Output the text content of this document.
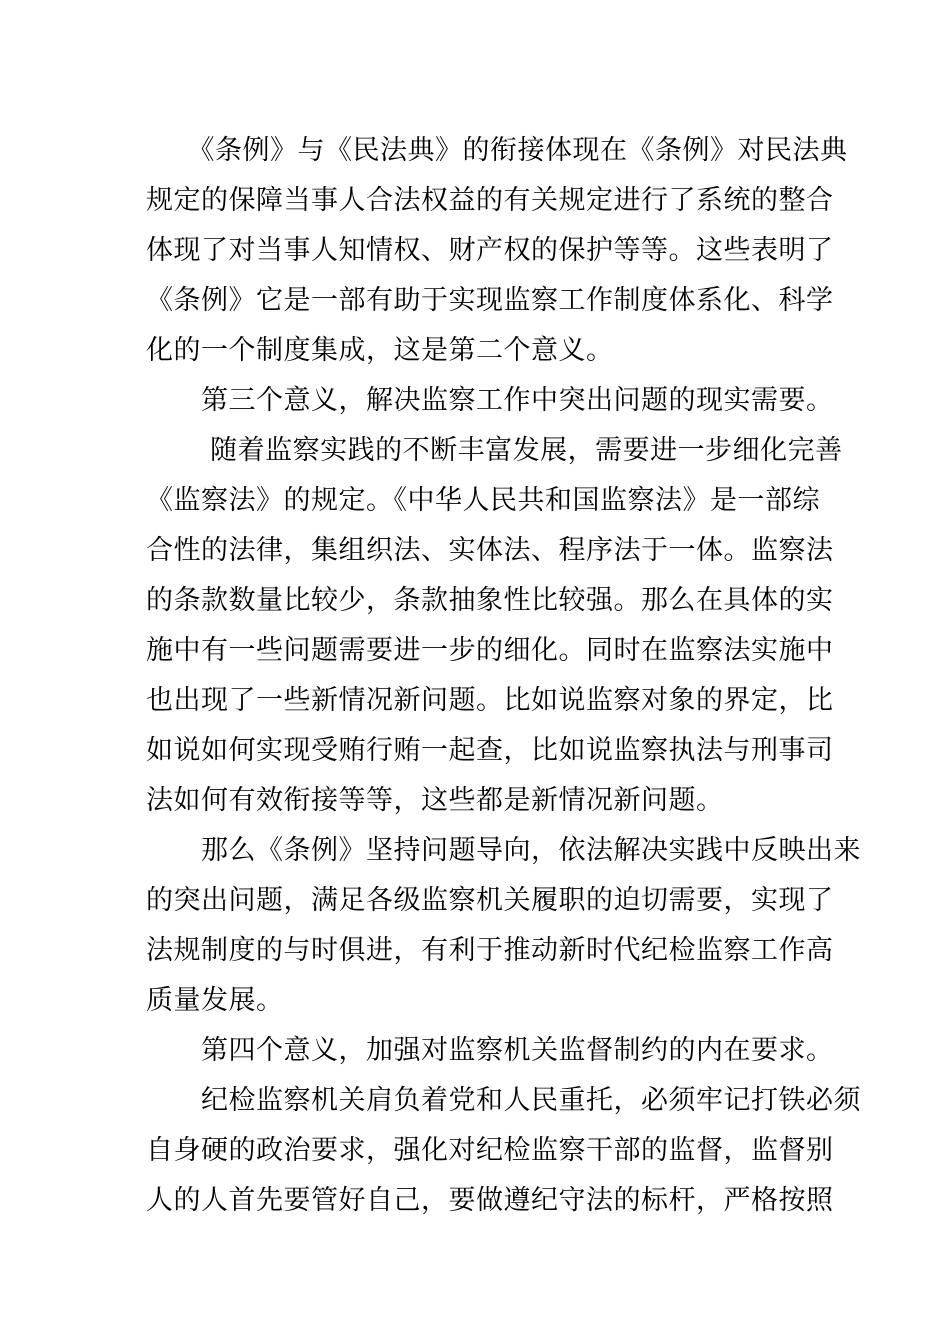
　　《条例》与《民法典》的衔接体现在《条例》对民法典
规定的保障当事人合法权益的有关规定进行了系统的整合
体现了对当事人知情权、财产权的保护等等。这些表明了
《条例》它是一部有助于实现监察工作制度体系化、科学
化的一个制度集成，这是第二个意义。
　　第三个意义，解决监察工作中突出问题的现实需要。
　　 随着监察实践的不断丰富发展，需要进一步细化完善
《监察法》的规定。《中华人民共和国监察法》是一部综
合性的法律，集组织法、实体法、程序法于一体。监察法
的条款数量比较少，条款抽象性比较强。那么在具体的实
施中有一些问题需要进一步的细化。同时在监察法实施中
也出现了一些新情况新问题。比如说监察对象的界定，比
如说如何实现受贿行贿一起查，比如说监察执法与刑事司
法如何有效衔接等等，这些都是新情况新问题。
　　那么《条例》坚持问题导向，依法解决实践中反映出来
的突出问题，满足各级监察机关履职的迫切需要，实现了
法规制度的与时俱进，有利于推动新时代纪检监察工作高
质量发展。
　　第四个意义，加强对监察机关监督制约的内在要求。
　　纪检监察机关肩负着党和人民重托，必须牢记打铁必须
自身硬的政治要求，强化对纪检监察干部的监督，监督别
人的人首先要管好自己，要做遵纪守法的标杆，严格按照
